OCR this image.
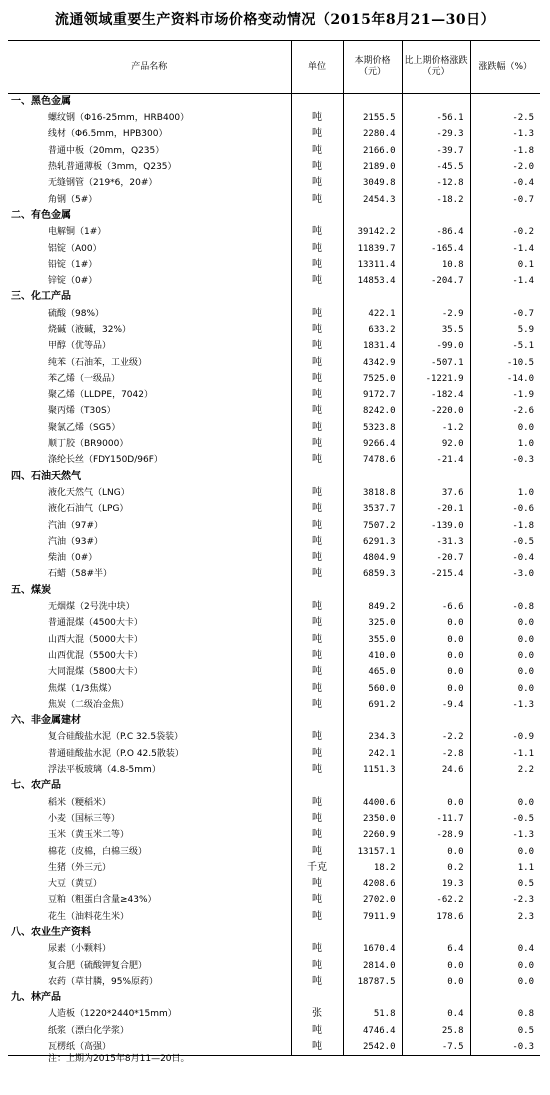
流通领域重要生产资料市场价格变动情况（2015年8月21—30日）
产品名称	单位	本期价格（元）	比上期价格涨跌（元）	涨跌幅（%）
一、黑色金属				
螺纹钢（Φ16-25mm，HRB400）	吨	2155.5	-56.1	-2.5
线材（Φ6.5mm，HPB300）	吨	2280.4	-29.3	-1.3
普通中板（20mm，Q235）	吨	2166.0	-39.7	-1.8
热轧普通薄板（3mm，Q235）	吨	2189.0	-45.5	-2.0
无缝钢管（219*6，20#）	吨	3049.8	-12.8	-0.4
角钢（5#）	吨	2454.3	-18.2	-0.7
二、有色金属				
电解铜（1#）	吨	39142.2	-86.4	-0.2
铝锭（A00）	吨	11839.7	-165.4	-1.4
铅锭（1#）	吨	13311.4	10.8	0.1
锌锭（0#）	吨	14853.4	-204.7	-1.4
三、化工产品				
硫酸（98%）	吨	422.1	-2.9	-0.7
烧碱（液碱，32%）	吨	633.2	35.5	5.9
甲醇（优等品）	吨	1831.4	-99.0	-5.1
纯苯（石油苯，工业级）	吨	4342.9	-507.1	-10.5
苯乙烯（一级品）	吨	7525.0	-1221.9	-14.0
聚乙烯（LLDPE，7042）	吨	9172.7	-182.4	-1.9
聚丙烯（T30S）	吨	8242.0	-220.0	-2.6
聚氯乙烯（SG5）	吨	5323.8	-1.2	0.0
顺丁胶（BR9000）	吨	9266.4	92.0	1.0
涤纶长丝（FDY150D/96F）	吨	7478.6	-21.4	-0.3
四、石油天然气				
液化天然气（LNG）	吨	3818.8	37.6	1.0
液化石油气（LPG）	吨	3537.7	-20.1	-0.6
汽油（97#）	吨	7507.2	-139.0	-1.8
汽油（93#）	吨	6291.3	-31.3	-0.5
柴油（0#）	吨	4804.9	-20.7	-0.4
石蜡（58#半）	吨	6859.3	-215.4	-3.0
五、煤炭				
无烟煤（2号洗中块）	吨	849.2	-6.6	-0.8
普通混煤（4500大卡）	吨	325.0	0.0	0.0
山西大混（5000大卡）	吨	355.0	0.0	0.0
山西优混（5500大卡）	吨	410.0	0.0	0.0
大同混煤（5800大卡）	吨	465.0	0.0	0.0
焦煤（1/3焦煤）	吨	560.0	0.0	0.0
焦炭（二级冶金焦）	吨	691.2	-9.4	-1.3
六、非金属建材				
复合硅酸盐水泥（P.C 32.5袋装）	吨	234.3	-2.2	-0.9
普通硅酸盐水泥（P.O 42.5散装）	吨	242.1	-2.8	-1.1
浮法平板玻璃（4.8-5mm）	吨	1151.3	24.6	2.2
七、农产品				
稻米（粳稻米）	吨	4400.6	0.0	0.0
小麦（国标三等）	吨	2350.0	-11.7	-0.5
玉米（黄玉米二等）	吨	2260.9	-28.9	-1.3
棉花（皮棉，白棉三级）	吨	13157.1	0.0	0.0
生猪（外三元）	千克	18.2	0.2	1.1
大豆（黄豆）	吨	4208.6	19.3	0.5
豆粕（粗蛋白含量≥43%）	吨	2702.0	-62.2	-2.3
花生（油料花生米）	吨	7911.9	178.6	2.3
八、农业生产资料				
尿素（小颗料）	吨	1670.4	6.4	0.4
复合肥（硫酸钾复合肥）	吨	2814.0	0.0	0.0
农药（草甘膦，95%原药）	吨	18787.5	0.0	0.0
九、林产品				
人造板（1220*2440*15mm）	张	51.8	0.4	0.8
纸浆（漂白化学浆）	吨	4746.4	25.8	0.5
瓦楞纸（高强）	吨	2542.0	-7.5	-0.3
注：上期为2015年8月11—20日。
